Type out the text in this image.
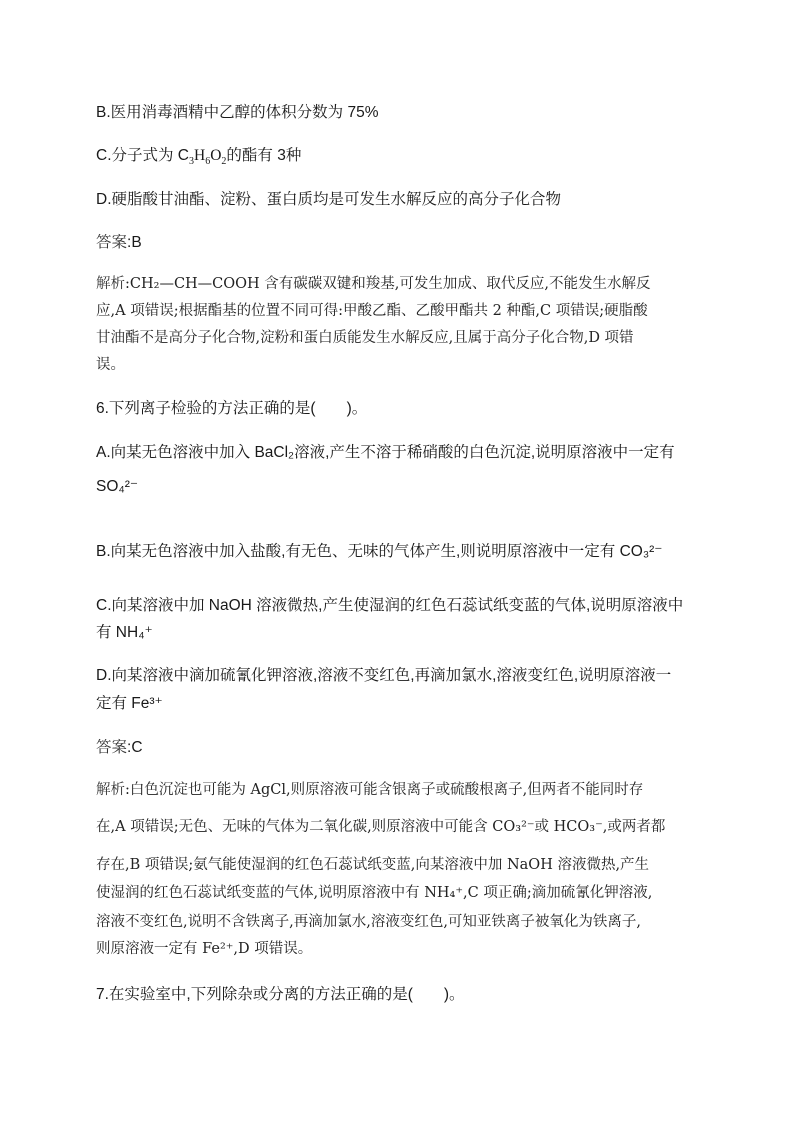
B.医用消毒酒精中乙醇的体积分数为 75%
C.分子式为 $C_3H_6O_2$的酯有 3种
D.硬脂酸甘油酯、淀粉、蛋白质均是可发生水解反应的高分子化合物
答案:B
解析:CH₂—CH—COOH 含有碳碳双键和羧基,可发生加成、取代反应,不能发生水解反
应,A 项错误;根据酯基的位置不同可得:甲酸乙酯、乙酸甲酯共 2 种酯,C 项错误;硬脂酸
甘油酯不是高分子化合物,淀粉和蛋白质能发生水解反应,且属于高分子化合物,D 项错
误。
6.下列离子检验的方法正确的是(　　)。
A.向某无色溶液中加入 BaCl₂溶液,产生不溶于稀硝酸的白色沉淀,说明原溶液中一定有
SO₄²⁻
B.向某无色溶液中加入盐酸,有无色、无味的气体产生,则说明原溶液中一定有 CO₃²⁻
C.向某溶液中加 NaOH 溶液微热,产生使湿润的红色石蕊试纸变蓝的气体,说明原溶液中
有 NH₄⁺
D.向某溶液中滴加硫氰化钾溶液,溶液不变红色,再滴加氯水,溶液变红色,说明原溶液一
定有 Fe³⁺
答案:C
解析:白色沉淀也可能为 AgCl,则原溶液可能含银离子或硫酸根离子,但两者不能同时存
在,A 项错误;无色、无味的气体为二氧化碳,则原溶液中可能含 CO₃²⁻或 HCO₃⁻,或两者都
存在,B 项错误;氨气能使湿润的红色石蕊试纸变蓝,向某溶液中加 NaOH 溶液微热,产生
使湿润的红色石蕊试纸变蓝的气体,说明原溶液中有 NH₄⁺,C 项正确;滴加硫氰化钾溶液,
溶液不变红色,说明不含铁离子,再滴加氯水,溶液变红色,可知亚铁离子被氧化为铁离子,
则原溶液一定有 Fe²⁺,D 项错误。
7.在实验室中,下列除杂或分离的方法正确的是(　　)。
